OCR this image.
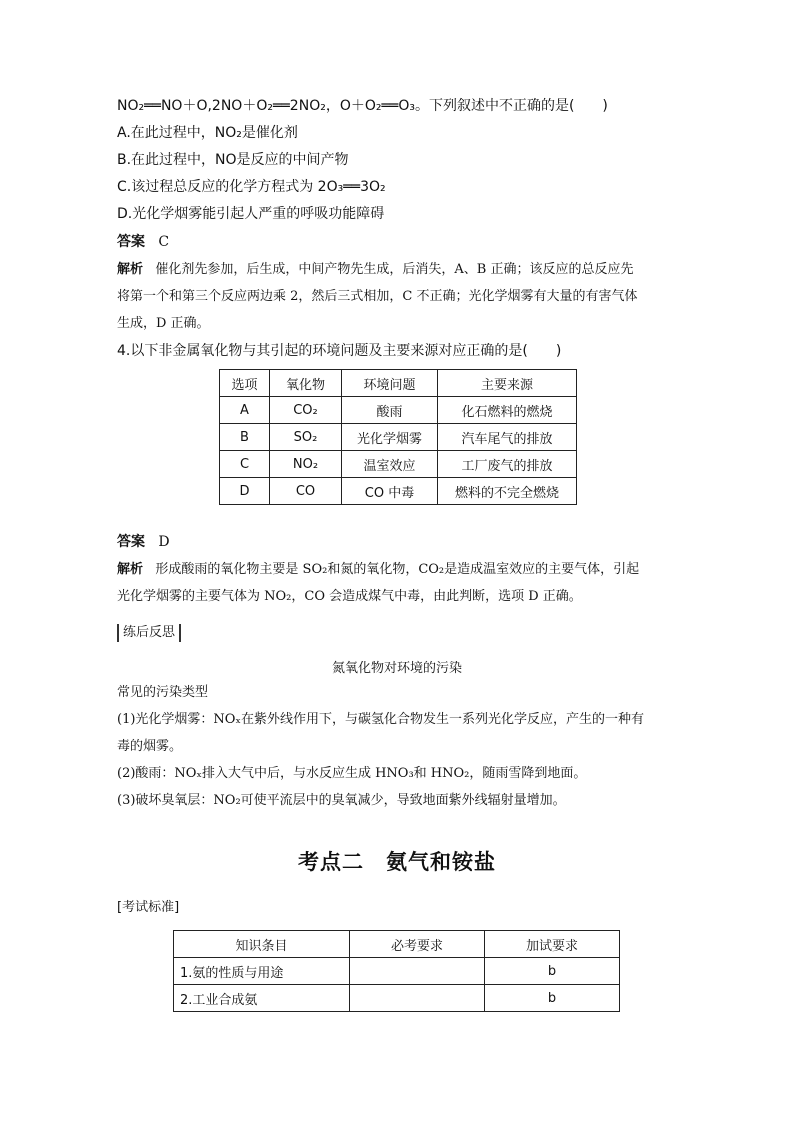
NO₂══NO＋O,2NO＋O₂══2NO₂，O＋O₂══O₃。下列叙述中不正确的是(　　)
A.在此过程中，NO₂是催化剂
B.在此过程中，NO是反应的中间产物
C.该过程总反应的化学方程式为 2O₃══3O₂
D.光化学烟雾能引起人严重的呼吸功能障碍
答案 C
解析 催化剂先参加，后生成，中间产物先生成，后消失，A、B 正确；该反应的总反应先
将第一个和第三个反应两边乘 2，然后三式相加，C 不正确；光化学烟雾有大量的有害气体
生成，D 正确。
4.以下非金属氧化物与其引起的环境问题及主要来源对应正确的是(　　)
选项	氧化物	环境问题	主要来源
A	CO₂	酸雨	化石燃料的燃烧
B	SO₂	光化学烟雾	汽车尾气的排放
C	NO₂	温室效应	工厂废气的排放
D	CO	CO 中毒	燃料的不完全燃烧
答案 D
解析 形成酸雨的氧化物主要是 SO₂和氮的氧化物，CO₂是造成温室效应的主要气体，引起
光化学烟雾的主要气体为 NO₂，CO 会造成煤气中毒，由此判断，选项 D 正确。
练后反思
氮氧化物对环境的污染
常见的污染类型
(1)光化学烟雾：NOₓ在紫外线作用下，与碳氢化合物发生一系列光化学反应，产生的一种有
毒的烟雾。
(2)酸雨：NOₓ排入大气中后，与水反应生成 HNO₃和 HNO₂，随雨雪降到地面。
(3)破坏臭氧层：NO₂可使平流层中的臭氧减少，导致地面紫外线辐射量增加。
考点二　氨气和铵盐
[考试标准]
知识条目	必考要求	加试要求
1.氨的性质与用途		b
2.工业合成氨		b
